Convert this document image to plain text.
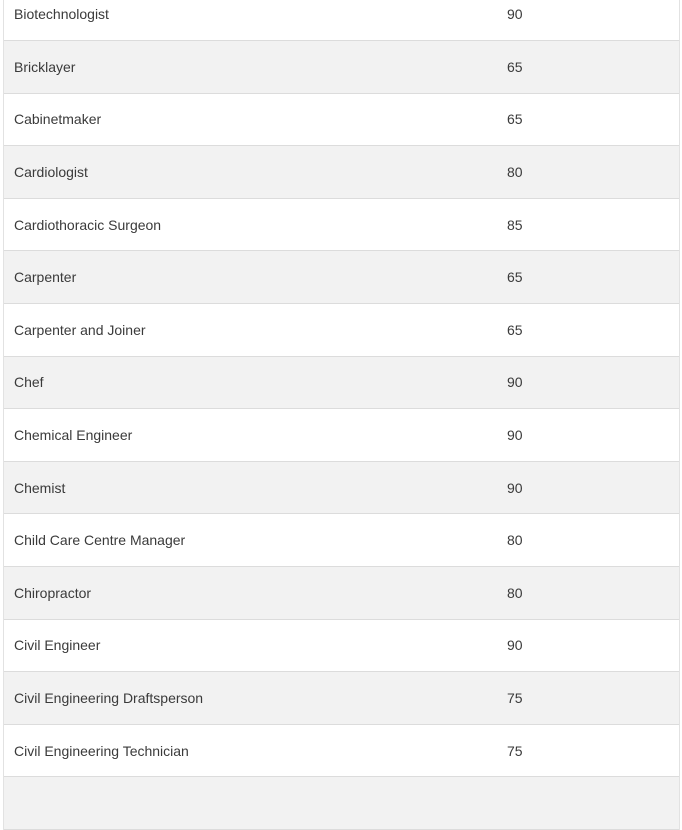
Biotechnologist	90
Bricklayer	65
Cabinetmaker	65
Cardiologist	80
Cardiothoracic Surgeon	85
Carpenter	65
Carpenter and Joiner	65
Chef	90
Chemical Engineer	90
Chemist	90
Child Care Centre Manager	80
Chiropractor	80
Civil Engineer	90
Civil Engineering Draftsperson	75
Civil Engineering Technician	75
